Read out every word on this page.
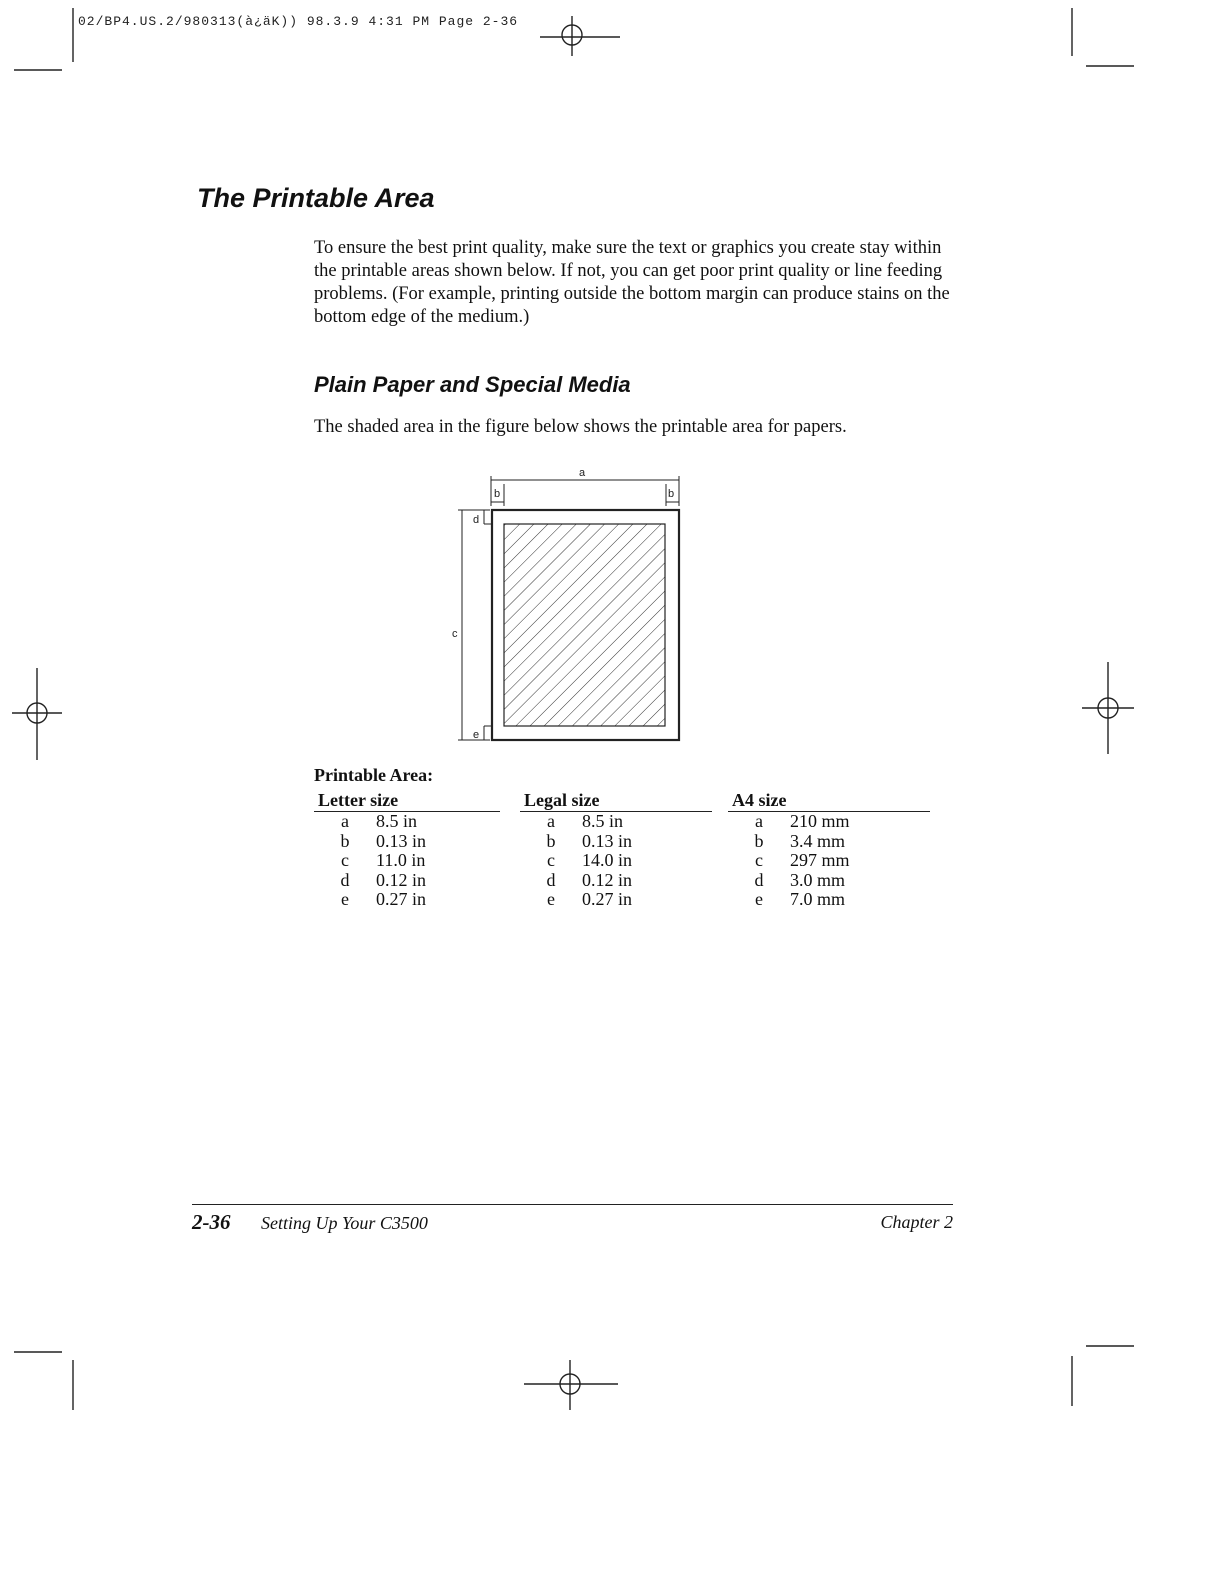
02/BP4.US.2/980313(à¿äK)) 98.3.9 4:31 PM Page 2-36
The Printable Area

To ensure the best print quality, make sure the text or graphics you create stay within the printable areas shown below. If not, you can get poor print quality or line feeding problems. (For example, printing outside the bottom margin can produce stains on the bottom edge of the medium.)

Plain Paper and Special Media

The shaded area in the figure below shows the printable area for papers.

a
b	b
c
d
e

Printable Area:

Letter size
a	8.5 in
b	0.13 in
c	11.0 in
d	0.12 in
e	0.27 in
Legal size
a	8.5 in
b	0.13 in
c	14.0 in
d	0.12 in
e	0.27 in
A4 size
a	210 mm
b	3.4 mm
c	297 mm
d	3.0 mm
e	7.0 mm
2-36 Setting Up Your C3500	Chapter 2
